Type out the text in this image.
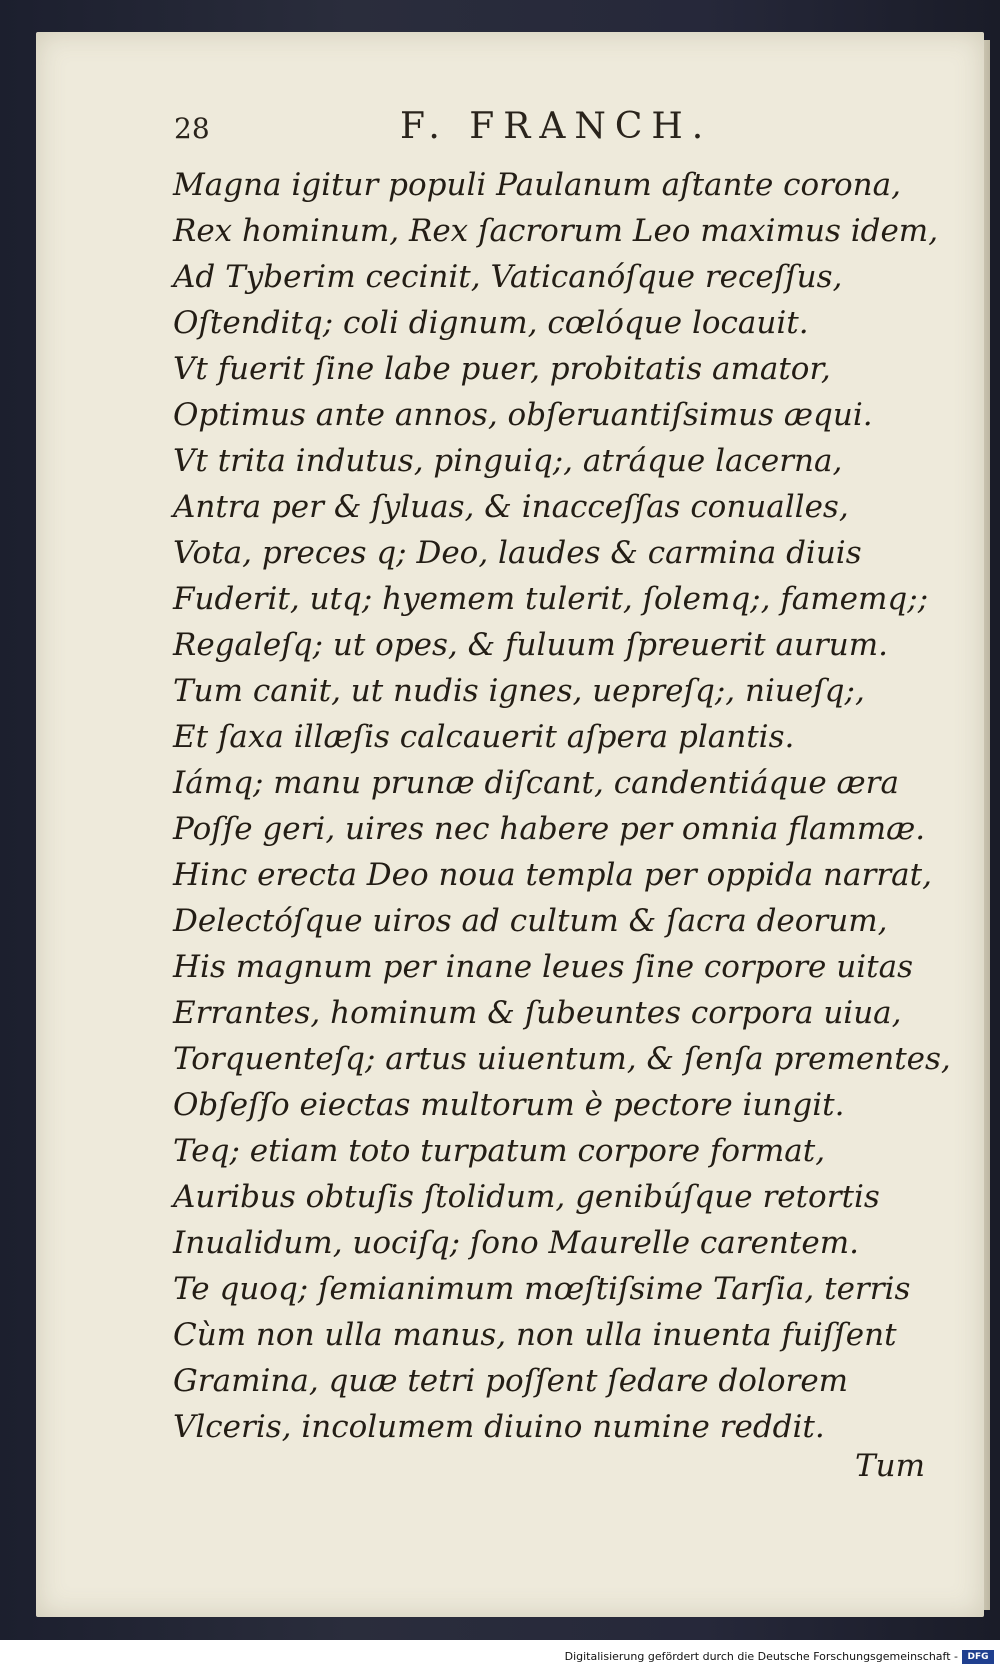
28	F. FRANCH.
Magna igitur populi Paulanum aſtante corona,
Rex hominum, Rex ſacrorum Leo maximus idem,
Ad Tyberim cecinit, Vaticanóſque receſſus,
Oſtenditq; coli dignum, cœlóque locauit.
Vt fuerit ſine labe puer, probitatis amator,
Optimus ante annos, obſeruantiſsimus æqui.
Vt trita indutus, pinguiq;, atráque lacerna,
Antra per & ſyluas, & inacceſſas conualles,
Vota, preces q; Deo, laudes & carmina diuis
Fuderit, utq; hyemem tulerit, ſolemq;, famemq;;
Regaleſq; ut opes, & fuluum ſpreuerit aurum.
Tum canit, ut nudis ignes, uepreſq;, niueſq;,
Et ſaxa illæſis calcauerit aſpera plantis.
Iámq; manu prunæ diſcant, candentiáque æra
Poſſe geri, uires nec habere per omnia flammæ.
Hinc erecta Deo noua templa per oppida narrat,
Delectóſque uiros ad cultum & ſacra deorum,
His magnum per inane leues ſine corpore uitas
Errantes, hominum & ſubeuntes corpora uiua,
Torquenteſq; artus uiuentum, & ſenſa prementes,
Obſeſſo eiectas multorum è pectore iungit.
Teq; etiam toto turpatum corpore format,
Auribus obtuſis ſtolidum, genibúſque retortis
Inualidum, uociſq; ſono Maurelle carentem.
Te quoq; ſemianimum mœſtiſsime Tarſia, terris
Cùm non ulla manus, non ulla inuenta fuiſſent
Gramina, quæ tetri poſſent ſedare dolorem
Vlceris, incolumem diuino numine reddit.
Tum
Digitalisierung gefördert durch die Deutsche Forschungsgemeinschaft -	DFG
